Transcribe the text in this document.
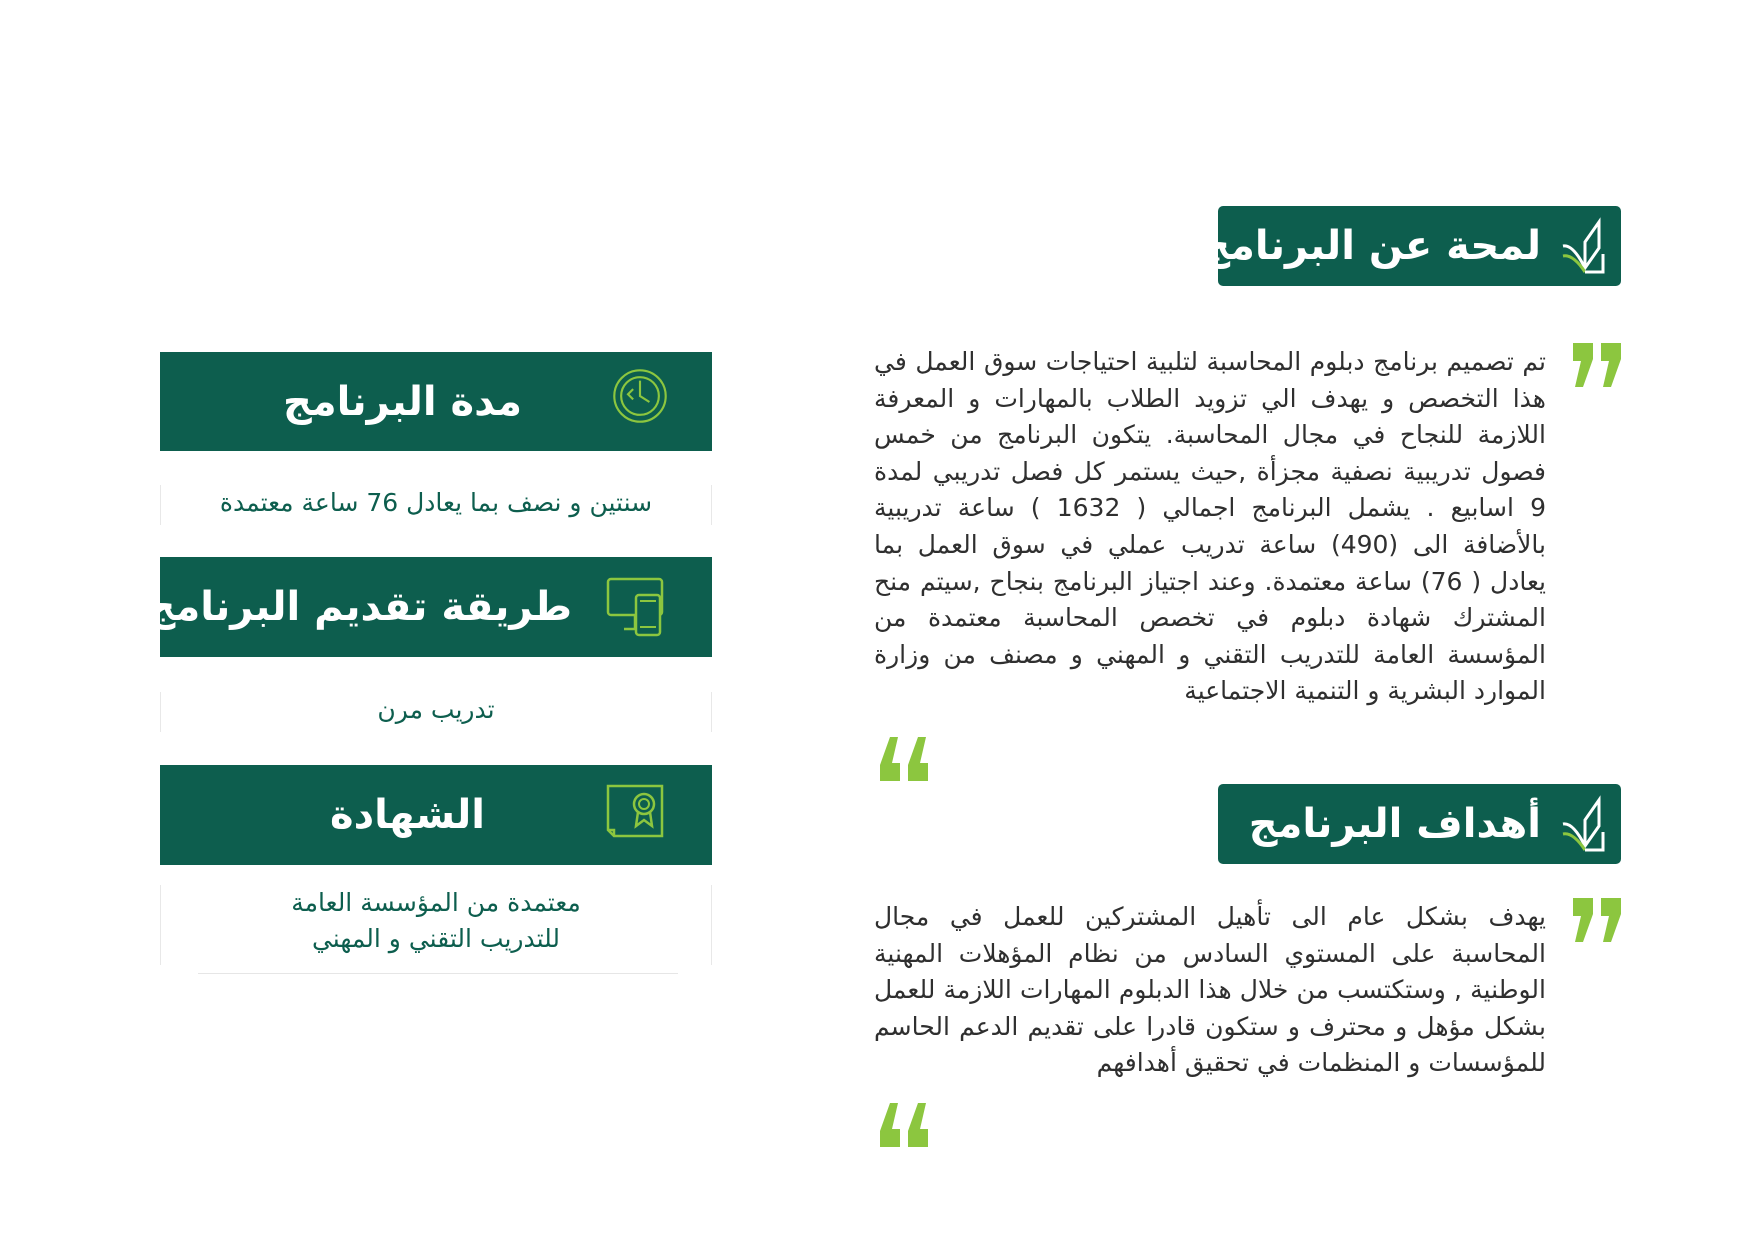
لمحة عن البرنامج

تم تصميم برنامج دبلوم المحاسبة لتلبية احتياجات سوق العمل في هذا التخصص و يهدف الي تزويد الطلاب بالمهارات و المعرفة اللازمة للنجاح في مجال المحاسبة. يتكون البرنامج من خمس فصول تدريبية نصفية مجزأة ,حيث يستمر كل فصل تدريبي لمدة 9 اسابيع . يشمل البرنامج اجمالي ( 1632 ) ساعة تدريبية بالأضافة الى (490) ساعة تدريب عملي في سوق العمل بما يعادل ( 76) ساعة معتمدة. وعند اجتياز البرنامج بنجاح ,سيتم منح المشترك شهادة دبلوم في تخصص المحاسبة معتمدة من المؤسسة العامة للتدريب التقني و المهني و مصنف من وزارة الموارد البشرية و التنمية الاجتماعية

أهداف البرنامج

يهدف بشكل عام الى تأهيل المشتركين للعمل في مجال المحاسبة على المستوي السادس من نظام المؤهلات المهنية الوطنية , وستكتسب من خلال هذا الدبلوم المهارات اللازمة للعمل بشكل مؤهل و محترف و ستكون قادرا على تقديم الدعم الحاسم للمؤسسات و المنظمات في تحقيق أهدافهم

مدة البرنامج
سنتين و نصف بما يعادل 76 ساعة معتمدة
طريقة تقديم البرنامج
تدريب مرن
الشهادة
معتمدة من المؤسسة العامة للتدريب التقني و المهني
